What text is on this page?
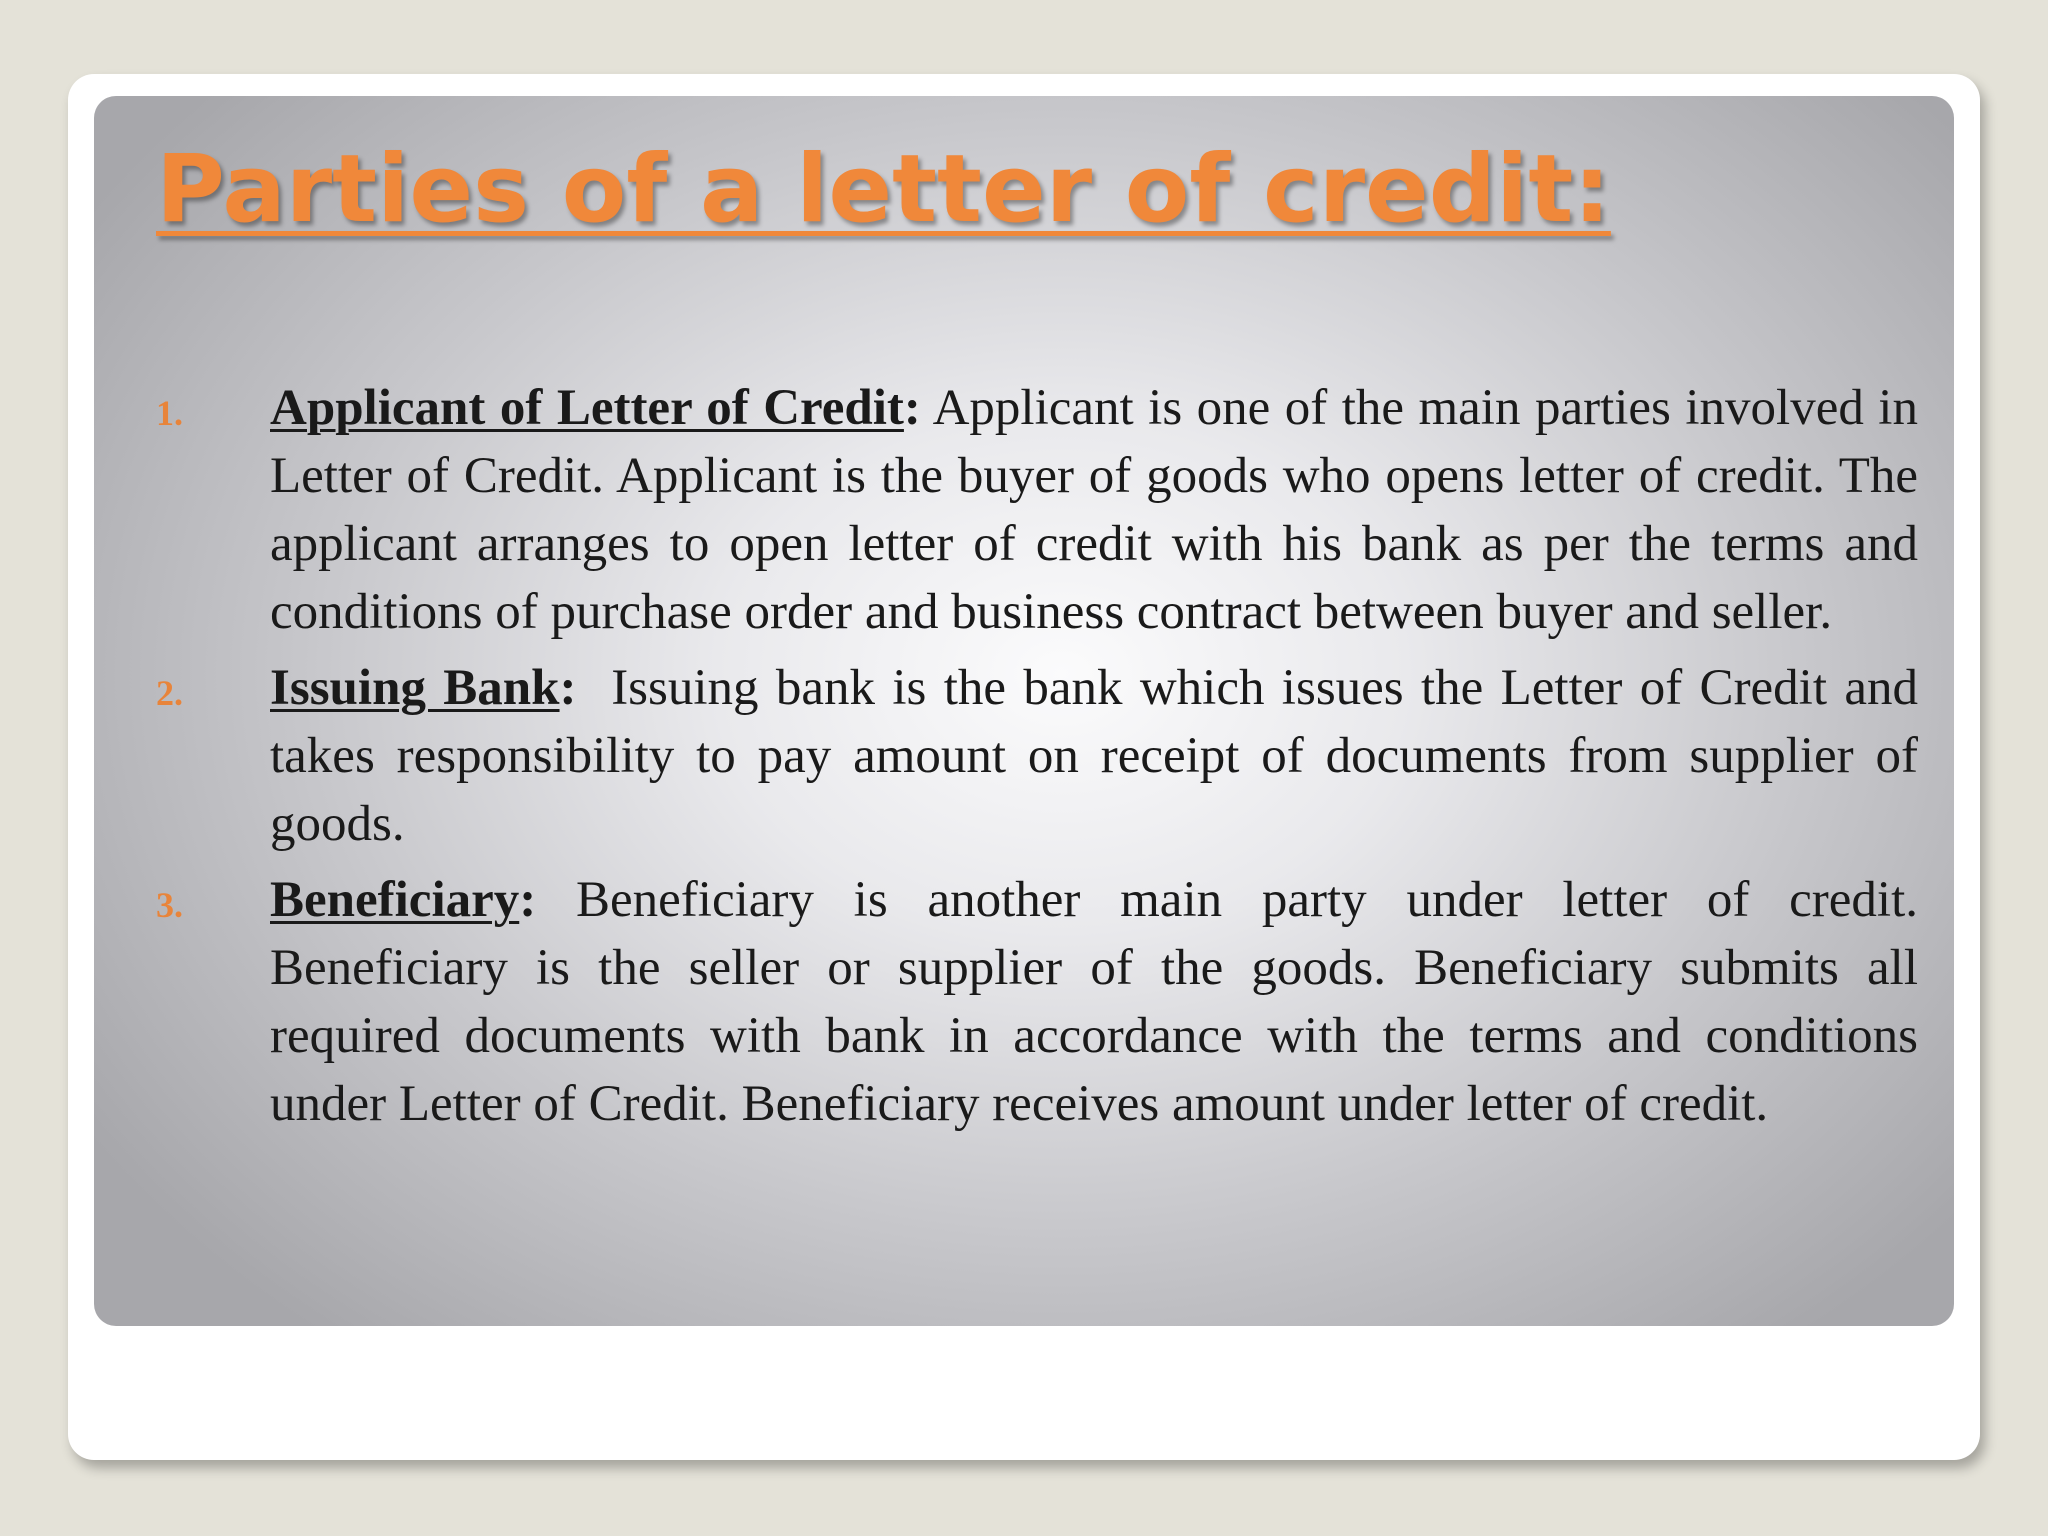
Parties of a letter of credit:
1. Applicant of Letter of Credit: Applicant is one of the main parties involved in Letter of Credit. Applicant is the buyer of goods who opens letter of credit. The applicant arranges to open letter of credit with his bank as per the terms and conditions of purchase order and business contract between buyer and seller.
2. Issuing Bank:  Issuing bank is the bank which issues the Letter of Credit and takes responsibility to pay amount on receipt of documents from supplier of goods.
3. Beneficiary: Beneficiary is another main party under letter of credit. Beneficiary is the seller or supplier of the goods. Beneficiary submits all required documents with bank in accordance with the terms and conditions under Letter of Credit. Beneficiary receives amount under letter of credit.
